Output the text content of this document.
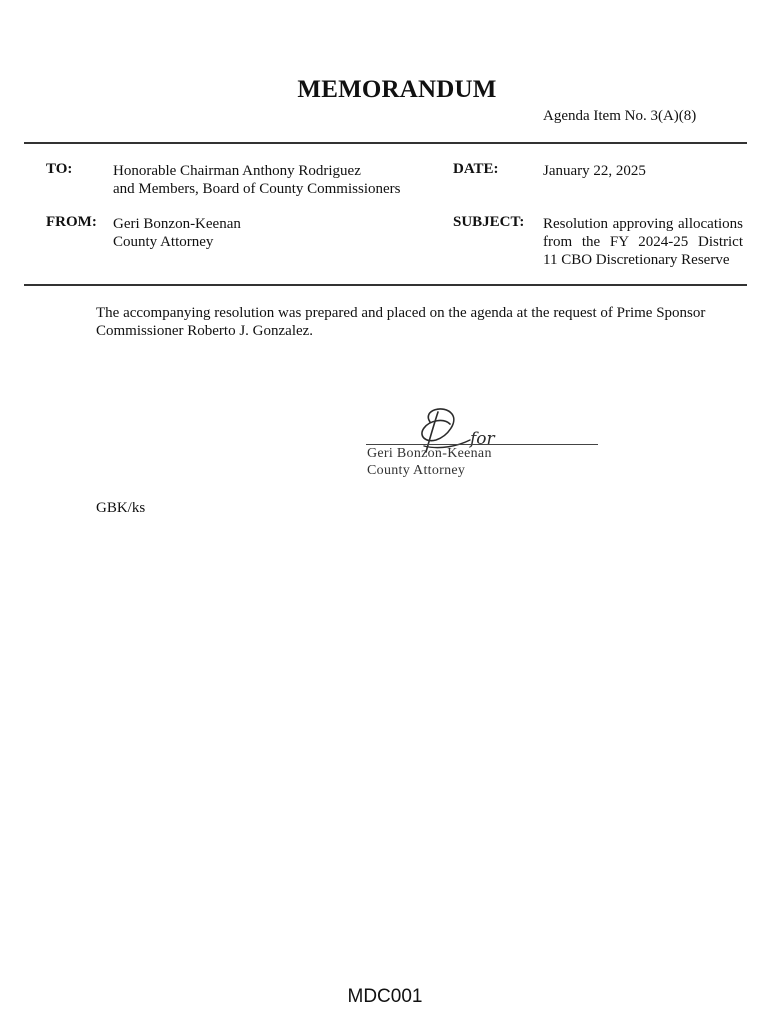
MEMORANDUM
Agenda Item No. 3(A)(8)
TO:	Honorable Chairman Anthony Rodriguez
and Members, Board of County Commissioners
DATE:	January 22, 2025
FROM: Geri Bonzon-Keenan
County Attorney
SUBJECT: Resolution approving allocations
from the FY 2024-25 District
11 CBO Discretionary Reserve
The accompanying resolution was prepared and placed on the agenda at the request of Prime Sponsor
Commissioner Roberto J. Gonzalez.
for
Geri Bonzon-Keenan
County Attorney
GBK/ks
MDC001
